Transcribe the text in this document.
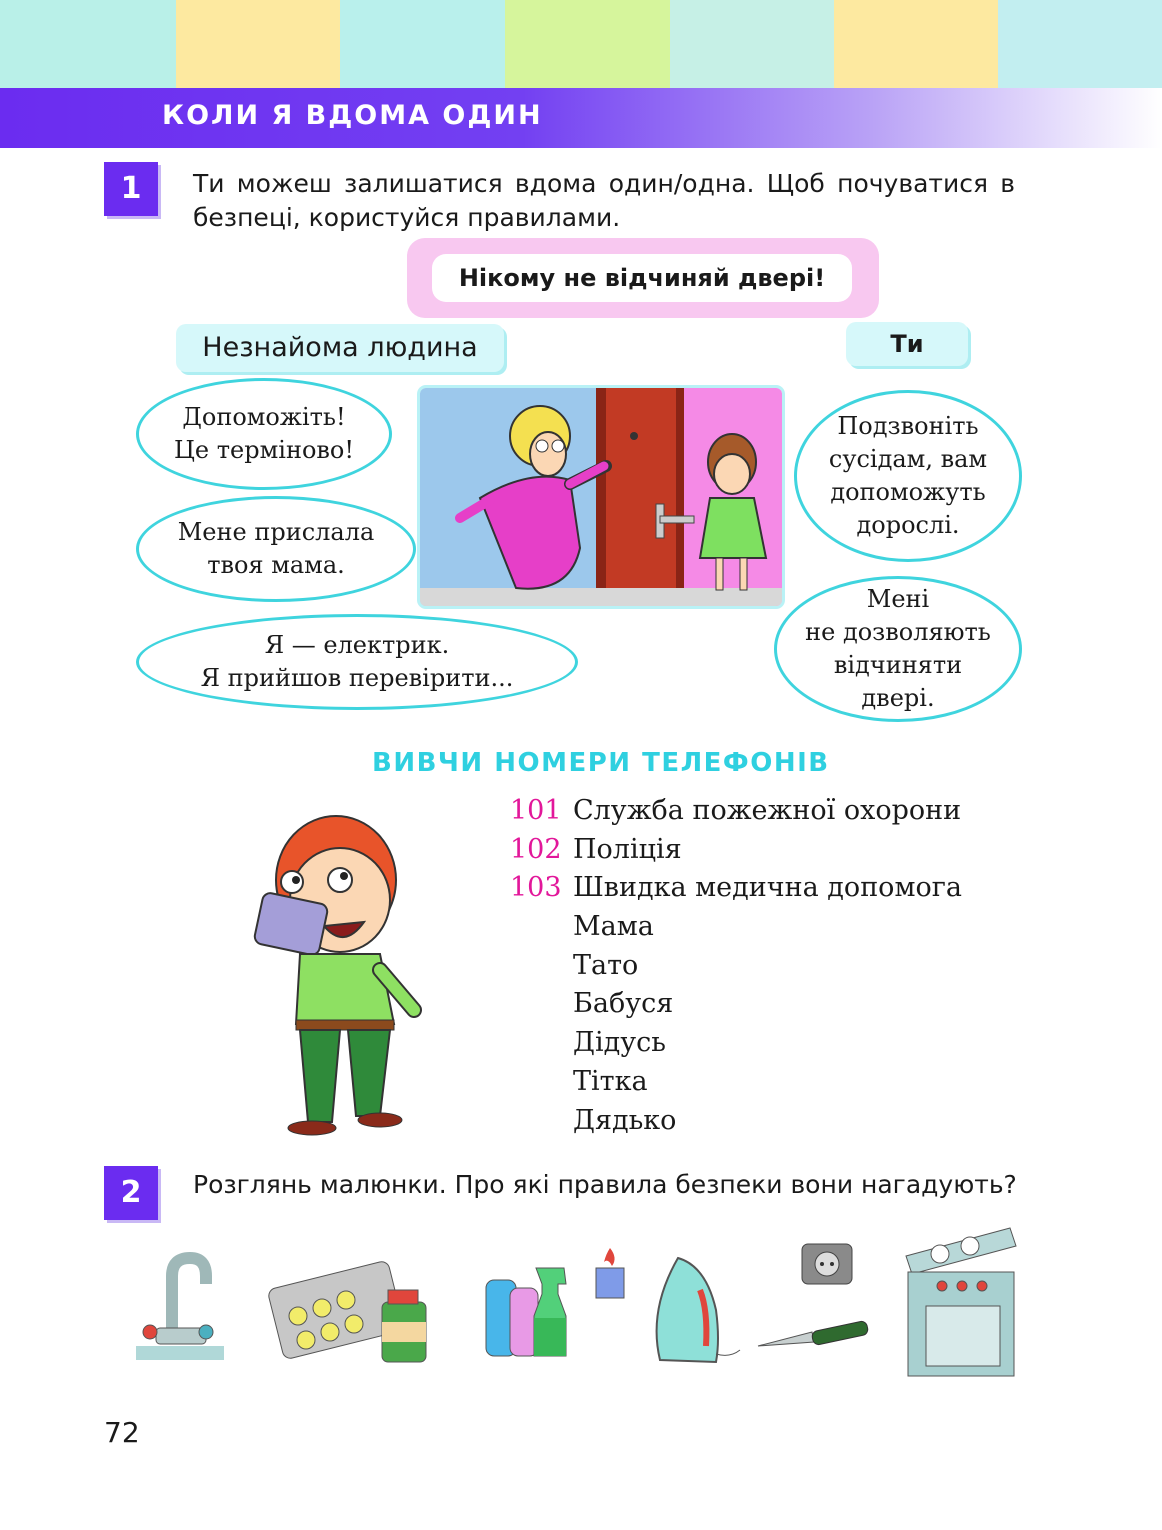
КОЛИ Я ВДОМА ОДИН
1	Ти можеш залишатися вдома один/одна. Щоб почуватися в безпеці, користуйся правилами.
Нікому не відчиняй двері!
Незнайома людина	Ти
Допоможіть!
Це терміново!
Мене прислала
твоя мама.
Я — електрик.
Я прийшов перевірити...
Подзвоніть
сусідам, вам
допоможуть
дорослі.
Мені
не дозволяють
відчиняти
двері.
ВИВЧИ НОМЕРИ ТЕЛЕФОНІВ
101 Служба пожежної охорони
102 Поліція
103 Швидка медична допомога
Мама
Тато
Бабуся
Дідусь
Тітка
Дядько
2	Розглянь малюнки. Про які правила безпеки вони нагадують?
72
